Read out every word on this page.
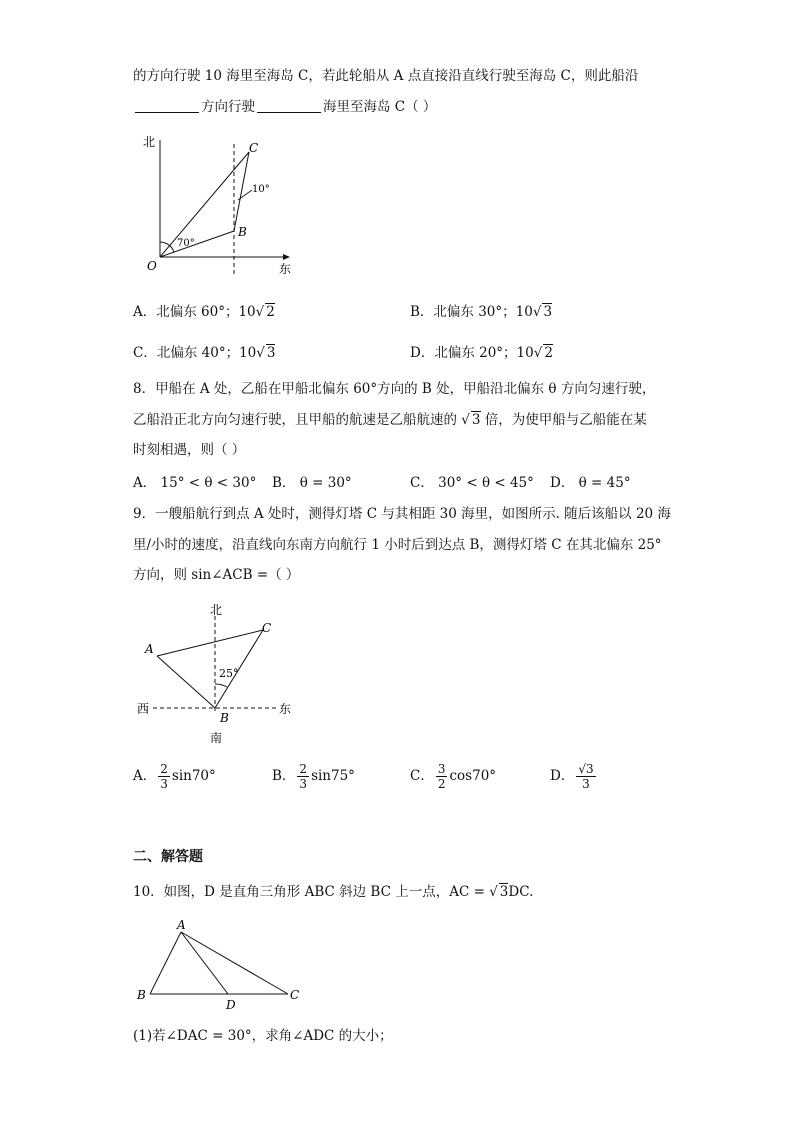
的方向行驶 10 海里至海岛 C，若此轮船从 A 点直接沿直线行驶至海岛 C，则此船沿
方向行驶	海里至海岛 C（ ）
北
东
O
B
C
70°
10°
A．北偏东 60°；10√ 2	B．北偏东 30°；10√ 3
C．北偏东 40°；10√ 3	D．北偏东 20°；10√ 2
8．甲船在 A 处，乙船在甲船北偏东 60°方向的 B 处，甲船沿北偏东 θ 方向匀速行驶，
乙船沿正北方向匀速行驶，且甲船的航速是乙船航速的 √ 3 倍，为使甲船与乙船能在某
时刻相遇，则（ ）
A． 15° < θ < 30° B． θ = 30°	C． 30° < θ < 45° D． θ = 45°
9．一艘船航行到点 A 处时，测得灯塔 C 与其相距 30 海里，如图所示. 随后该船以 20 海
里/小时的速度，沿直线向东南方向航行 1 小时后到达点 B，测得灯塔 C 在其北偏东 25°
方向，则 sin∠ACB =（ ）
北
南
西	东
A
B
C
25°
A． $\frac{2}{3} \sin 70^\circ$	B． $\frac{2}{3} \sin 75^\circ$	C． $\frac{3}{2} \cos 70^\circ$	D． $\frac{√3}{3}$
二、解答题
10．如图，D 是直角三角形 ABC 斜边 BC 上一点，AC = √ 3DC.
A
B	C
D
(1)若∠DAC = 30°，求角∠ADC 的大小；
